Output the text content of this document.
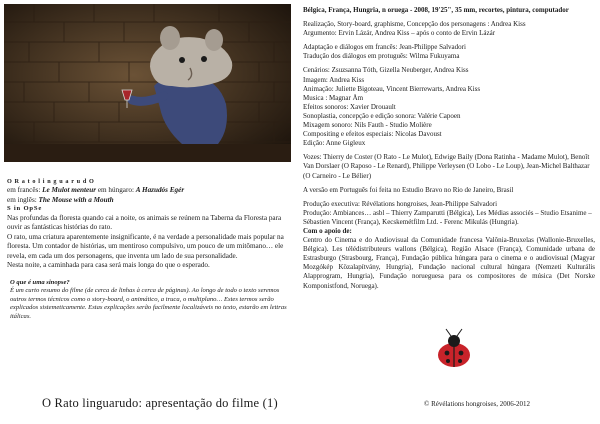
O R a t o l i n g u a r u d O

em francês: Le Mulot menteur em húngaro: A Hazudós Egér

em inglês: The Mouse with a Mouth

S in OpSe

Nas profundas da floresta quando cai a noite, os animais se reúnem na Taberna da Floresta para ouvir as fantásticas histórias do rato.

O rato, uma criatura aparentemente insignificante, é na verdade a personalidade mais popular na floresta. Um contador de histórias, um mentiroso compulsivo, um pouco de um mitômano… ele revela, em cada um dos personagens, que inventa um lado de sua personalidade.

Nesta noite, a caminhada para casa será mais longa do que o esperado.

O que é uma sinopse?

É um curto resumo do filme (de cerca de linhas à cerca de páginas). Ao longo de todo o texto seremos outros termos técnicos como o story-board, o animático, a truca, o multiplano… Estes termos serão explicados sistemeticamente. Estas explicações serão facilmente localizáveis no texto, estarão em lettras itálicas.

Bélgica, França, Hungria, n oruega - 2008, 19'25", 35 mm, recortes, pintura, computador

Realização, Story-board, graphisme, Concepção dos personagens : Andrea Kiss

Argumento: Ervin Lázár, Andrea Kiss – após o conto de Ervin Lázár

Adaptação e diálogos em francês: Jean-Philippe Salvadori

Tradução dos diálogos em protuguês: Wilma Fukuyama

Cenários: Zsuzsanna Tóth, Gizella Neuberger, Andrea Kiss

Imagem: Andrea Kiss

Animação: Juliette Bigoteau, Vincent Bierrewarts, Andrea Kiss

Musica : Magnar Åm

Efeitos sonoros: Xavier Drouault

Sonoplastia, concepção e edição sonora: Valérie Capoen

Mixagem sonoro: Nils Fauth - Studio Molière

Compositing e efeitos especiais: Nicolas Davoust

Edição: Anne Gigleux

Vozes: Thierry de Coster (O Rato - Le Mulot), Edwige Baily (Dona Ratinha - Madame Mulot), Benoît Van Dorslaer (O Raposo - Le Renard), Philippe Verleysen (O Lobo - Le Loup), Jean-Michel Balthazar (O Carneiro - Le Bélier)

A versão em Português foi feita no Estudio Bravo no Rio de Janeiro, Brasil

Produção executiva: Révélations hongroises, Jean-Philippe Salvadori

Produção: Ambiances… asbl – Thierry Zamparutti (Bélgica), Les Médias associés – Studio Etsanime – Sébastien Vincent (França), Kecskemétfilm Ltd. - Ferenc Mikulás (Hungria).

Com o apoio de:

Centro do Cinema e do Audiovisual da Comunidade francesa Valônia-Bruxelas (Wallonie-Bruxelles, Bélgica). Les télédistributeurs wallons (Bélgica), Região Alsace (França), Comunidade urbana de Estrasburgo (Strasbourg, França), Fundação pública húngara para o cinema e o audiovisual (Magyar Mozgókép Közalapítvány, Hungria), Fundação nacional cultural húngara (Nemzeti Kulturális Alapprogram, Hungria), Fundação norueguesa para os compositores de música (Det Norske Komponistfond, Noruega).

O Rato linguarudo: apresentação do filme (1)	© Révélations hongroises, 2006-2012
